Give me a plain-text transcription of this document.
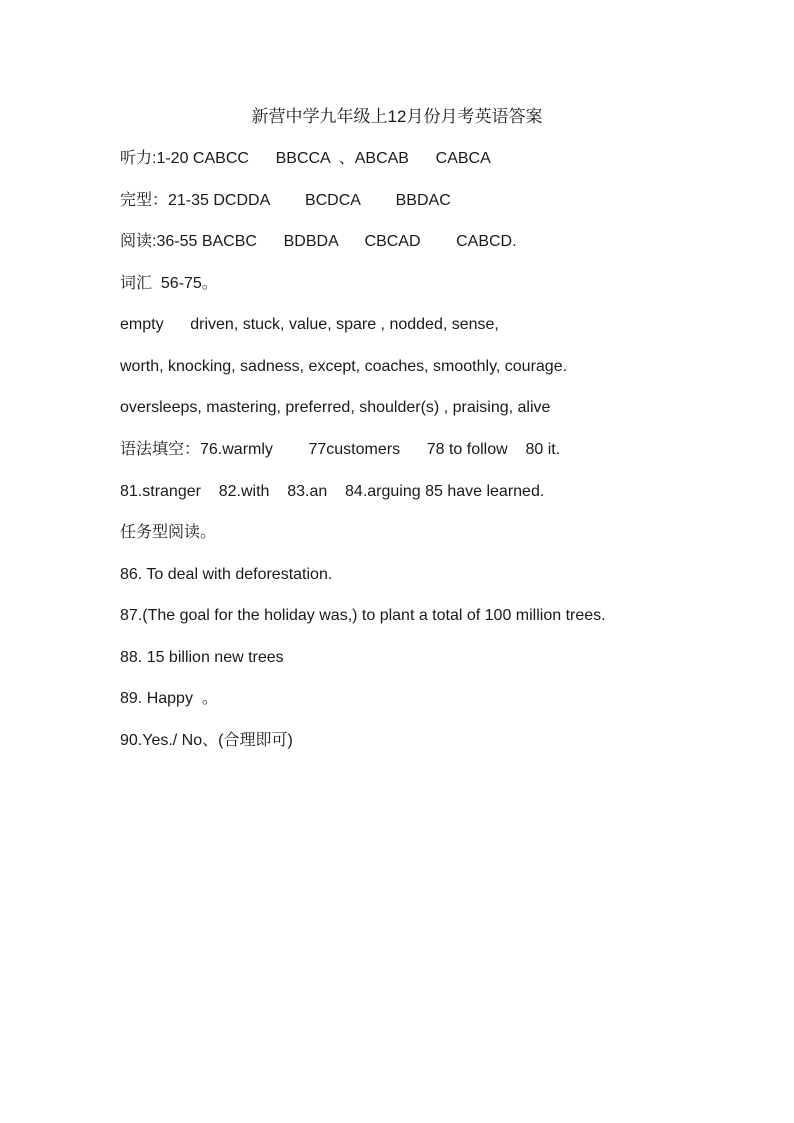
新营中学九年级上12月份月考英语答案
听力:1-20 CABCC      BBCCA  、ABCAB      CABCA
完型：21-35 DCDDA        BCDCA        BBDAC
阅读:36-55 BACBC      BDBDA      CBCAD        CABCD.
词汇  56-75。
empty      driven, stuck, value, spare , nodded, sense,
worth, knocking, sadness, except, coaches, smoothly, courage.
oversleeps, mastering, preferred, shoulder(s) , praising, alive
语法填空：76.warmly        77customers      78 to follow    80 it.
81.stranger    82.with    83.an    84.arguing 85 have learned.
任务型阅读。
86. To deal with deforestation.
87.(The goal for the holiday was,) to plant a total of 100 million trees.
88. 15 billion new trees
89. Happy  。
90.Yes./ No、(合理即可)
